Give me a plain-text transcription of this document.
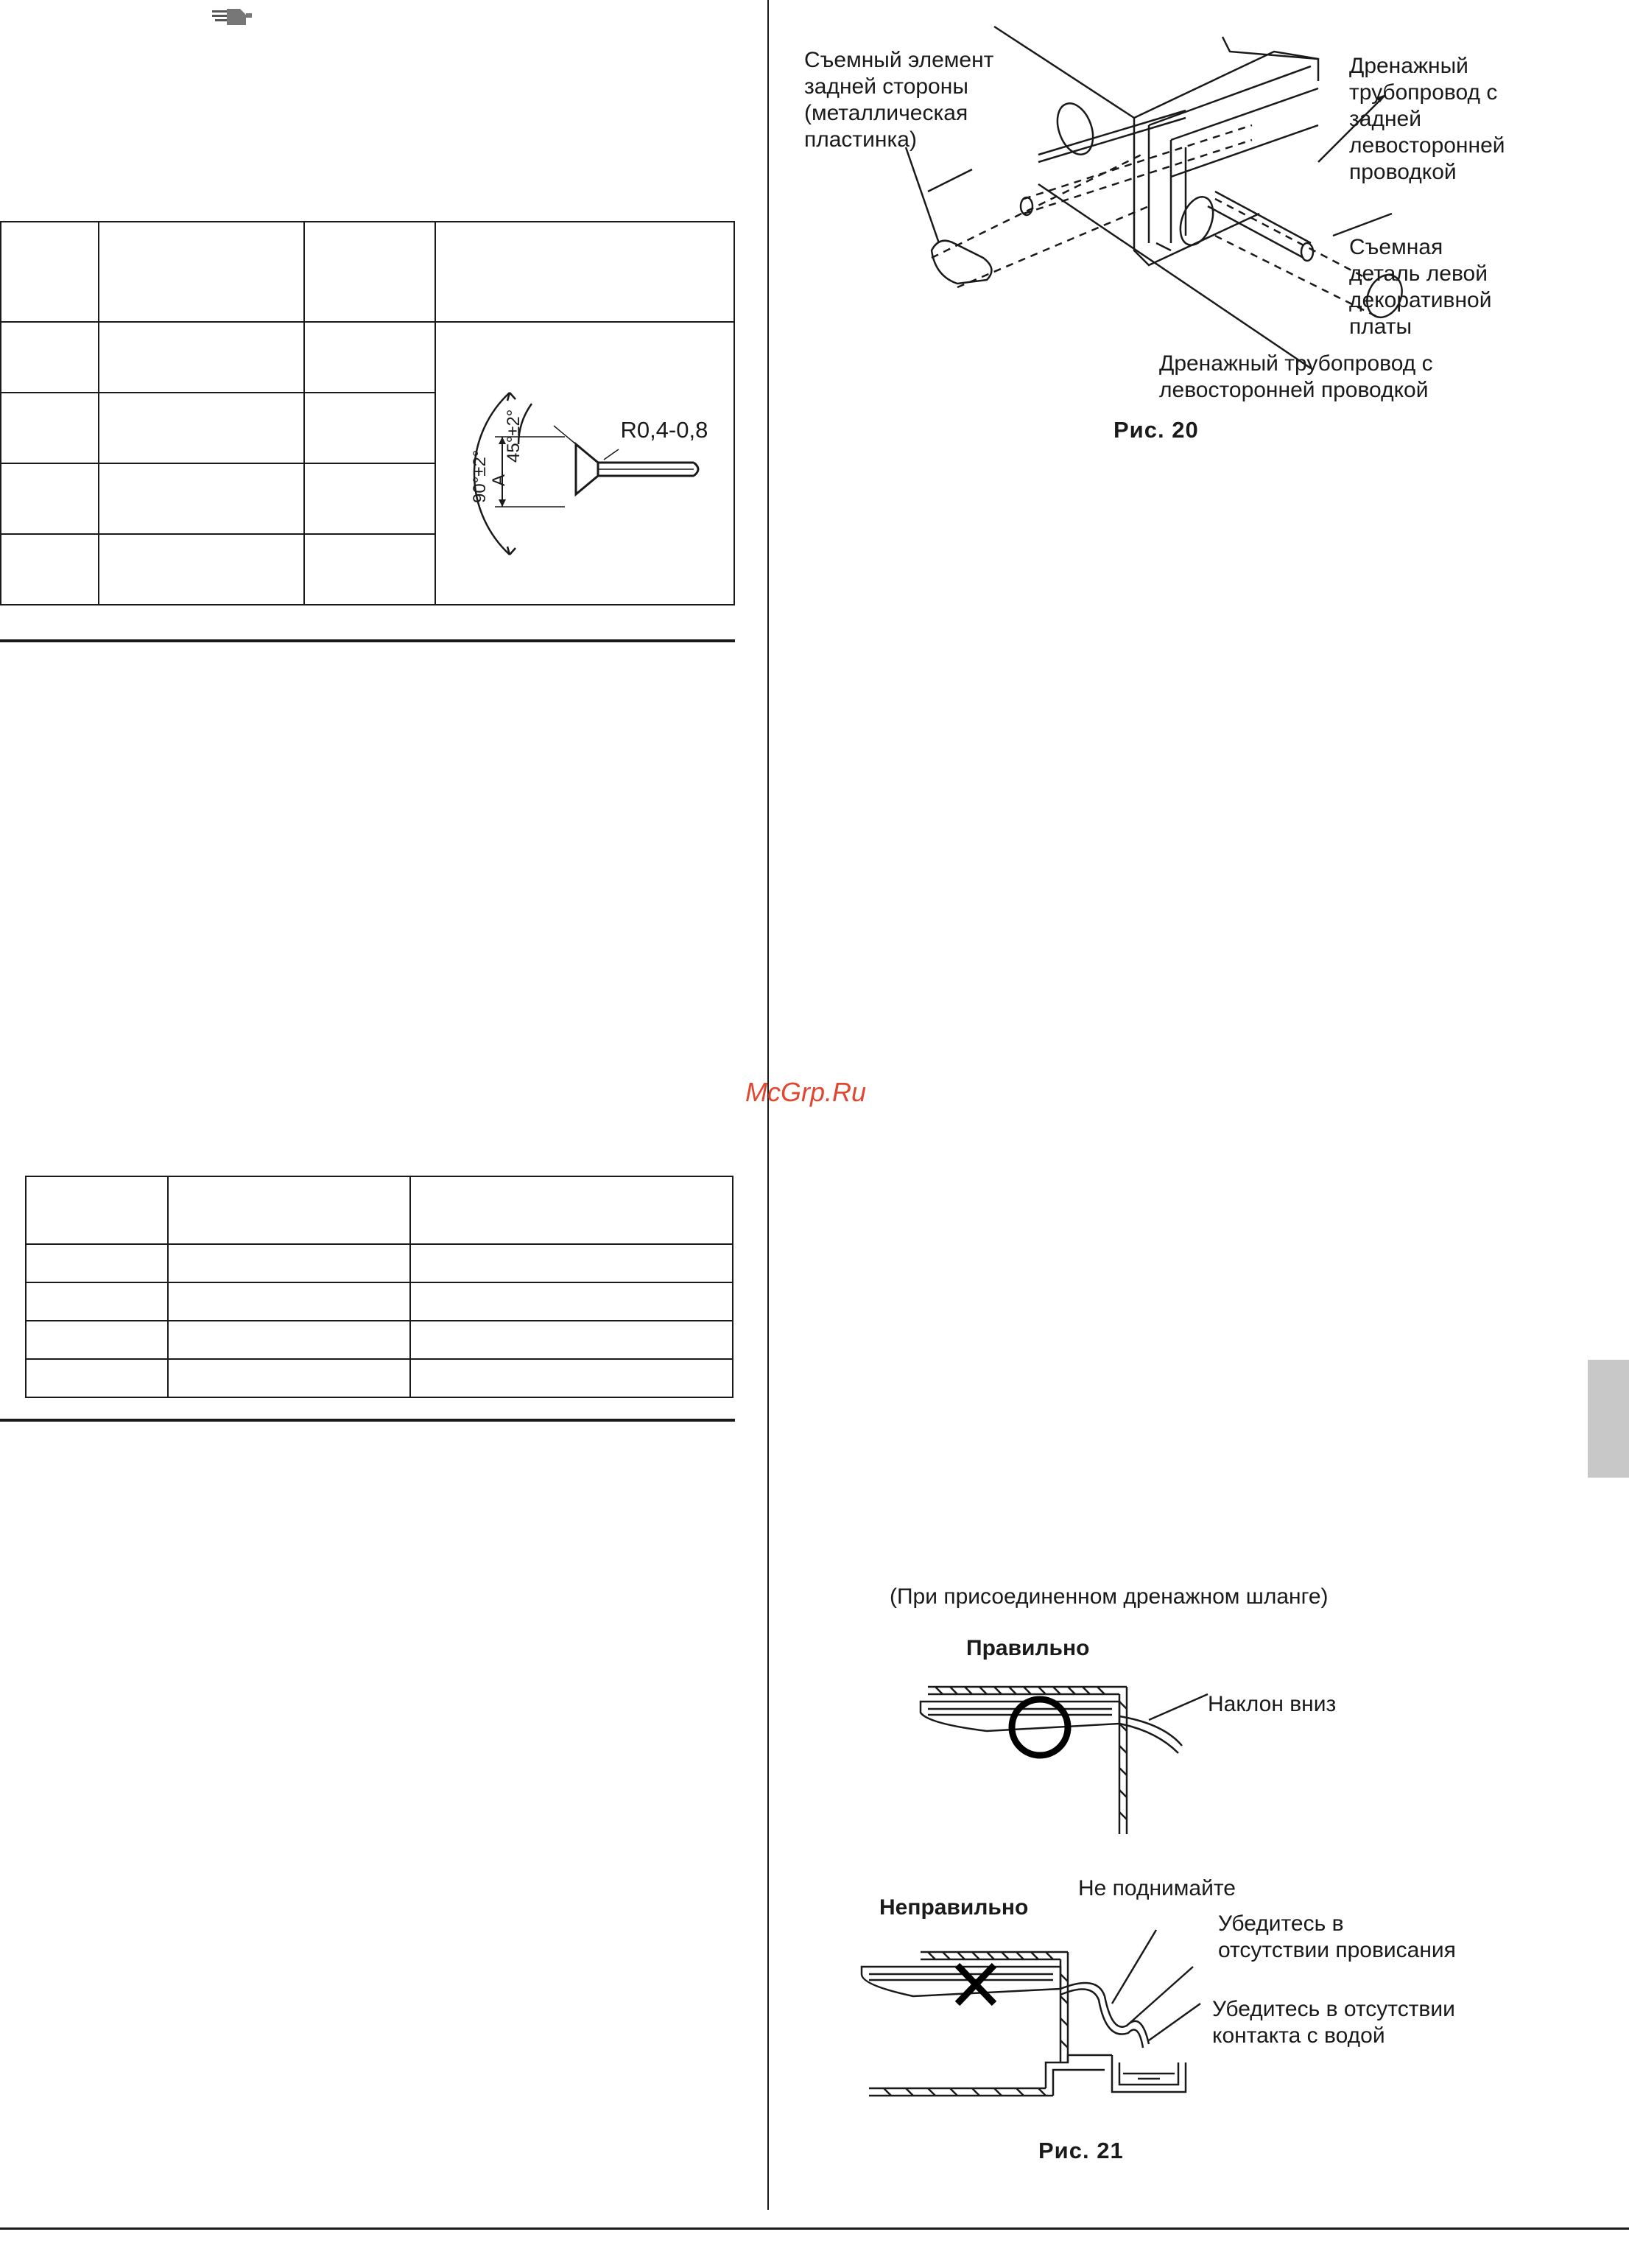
			R0,4-0,8
45°±2°
90°±2° A

Съемный элемент
задней стороны
(металлическая
пластинка)
Дренажный
трубопровод с
задней
левосторонней
проводкой
Съемная
деталь левой
декоративной
платы
Дренажный трубопровод с
левосторонней проводкой
Рис. 20
McGrp.Ru
(При присоединенном дренажном шланге)
Правильно
Наклон вниз
Неправильно
Не поднимайте
Убедитесь в
отсутствии провисания
Убедитесь в отсутствии
контакта с водой
Рис. 21
